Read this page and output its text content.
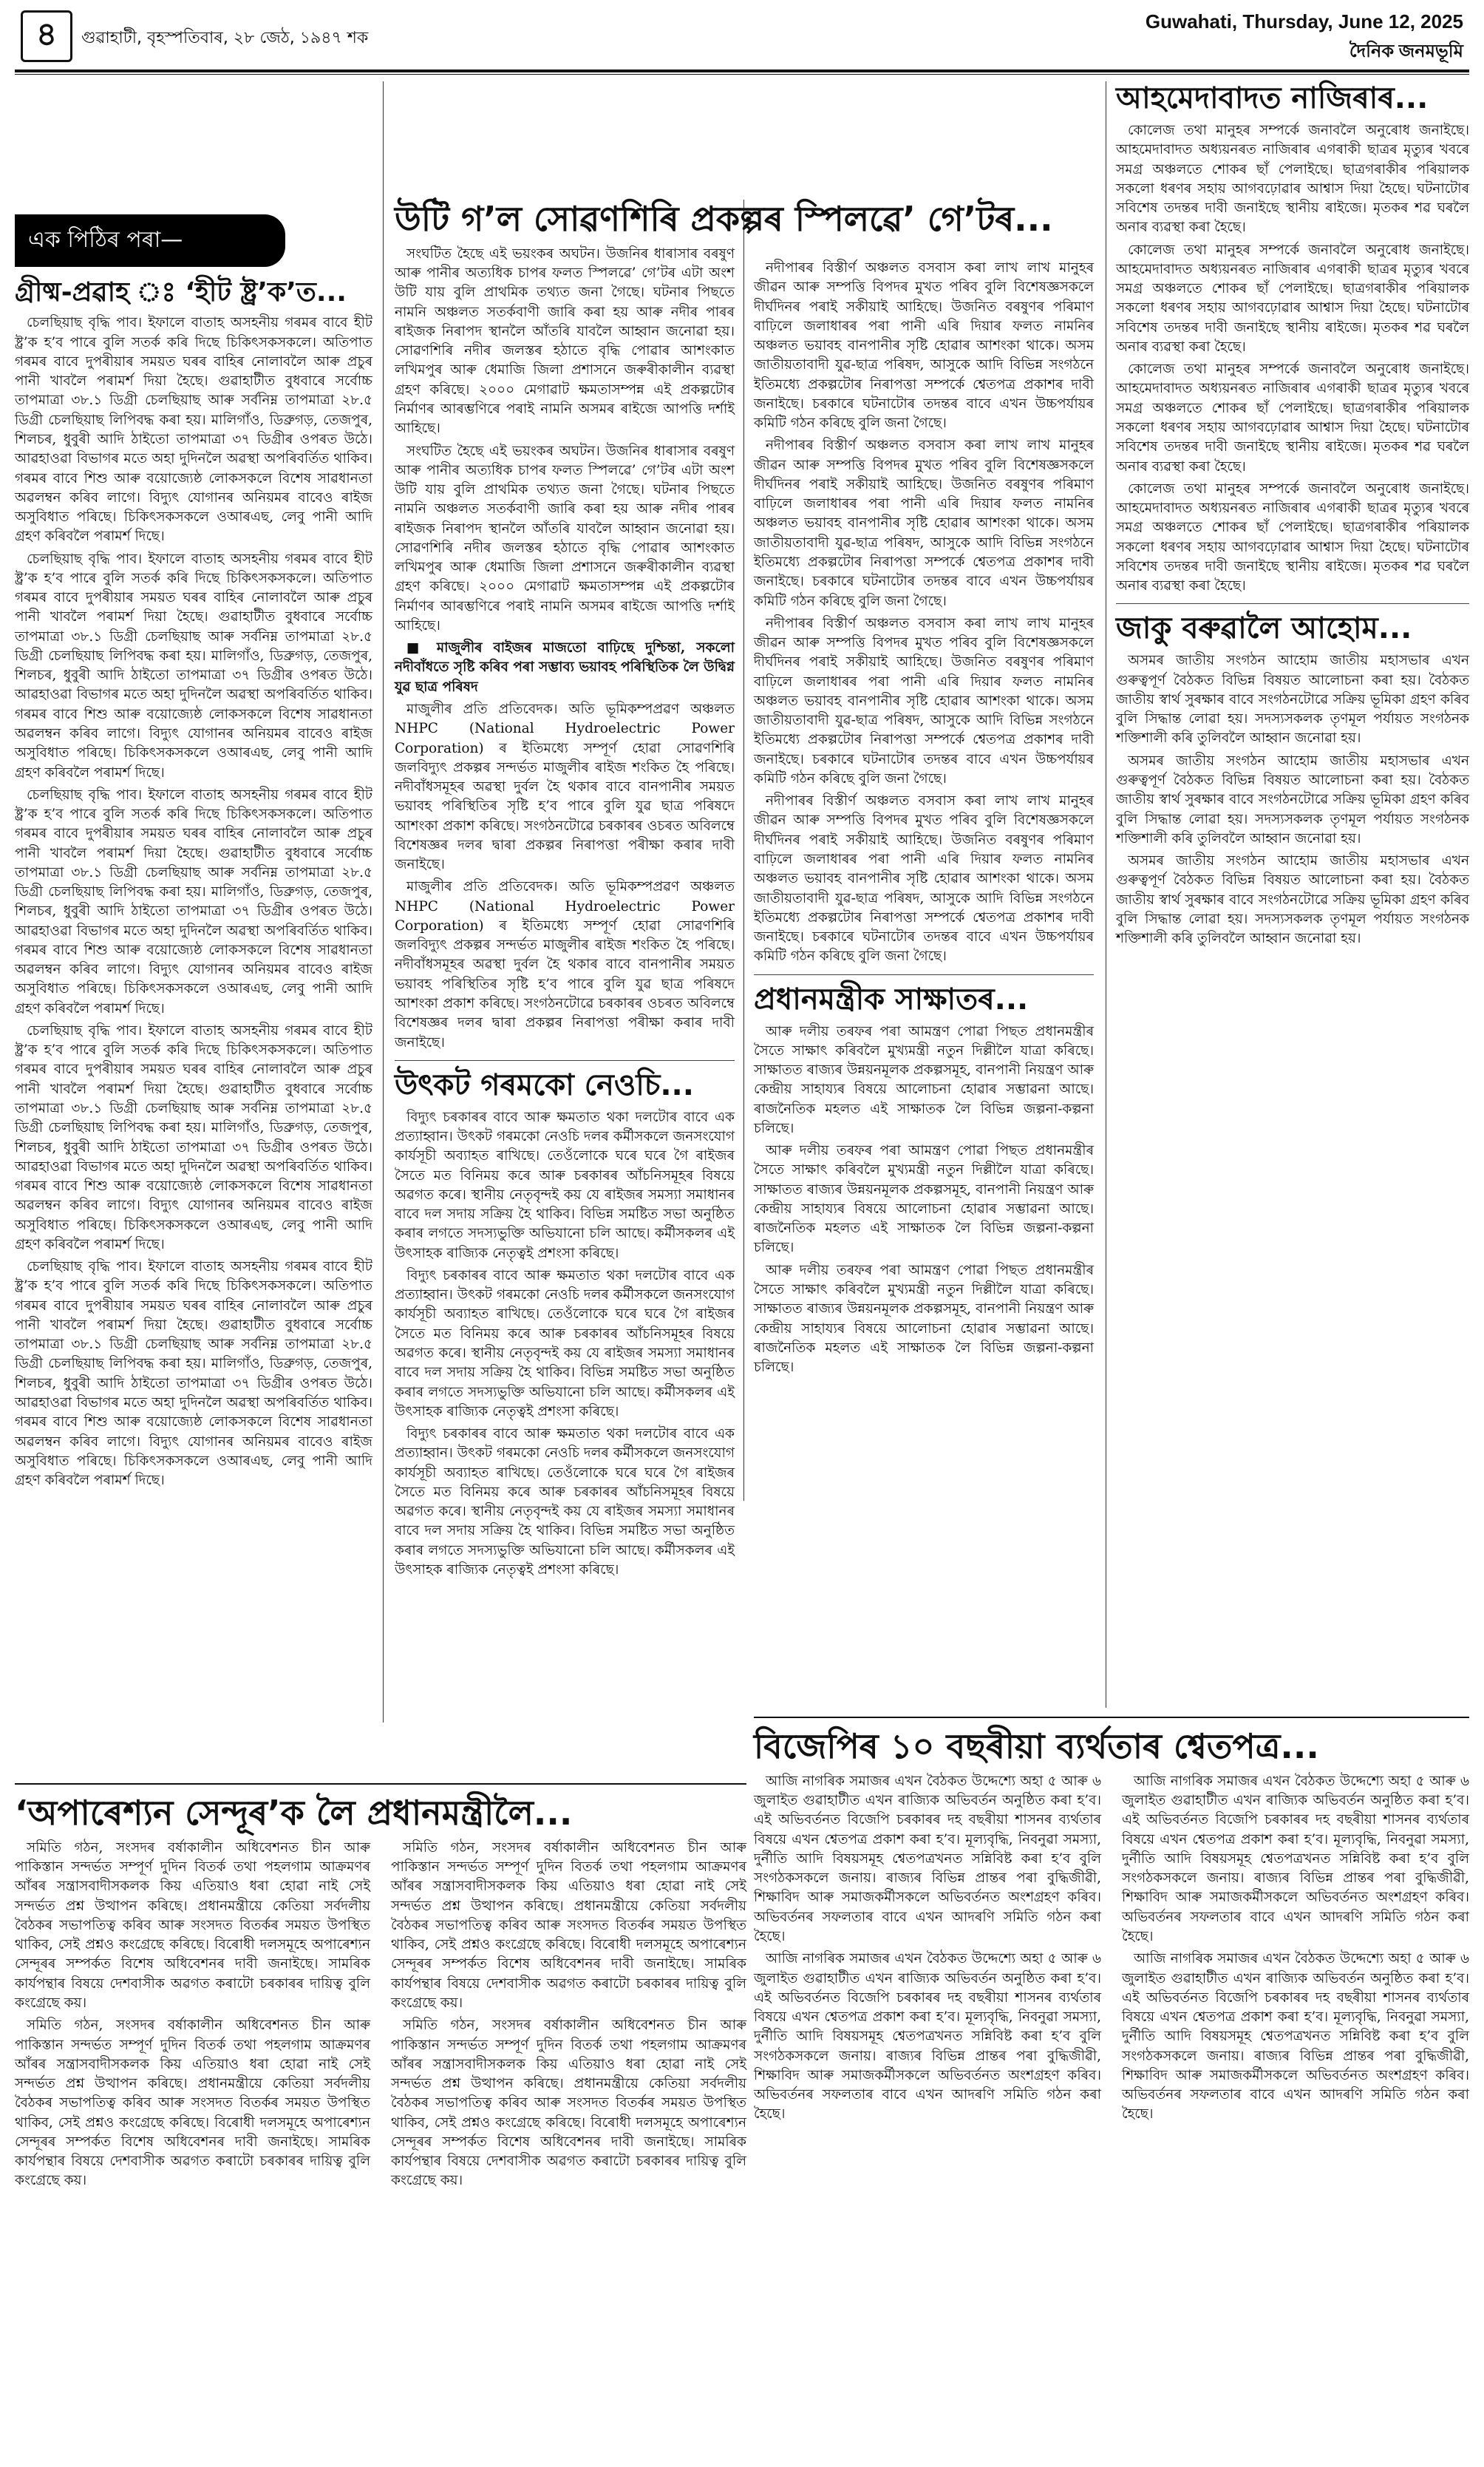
৪	গুৱাহাটী, বৃহস্পতিবাৰ, ২৮ জেঠ, ১৯৪৭ শক
Guwahati, Thursday, June 12, 2025
দৈনিক জনমভূমি
এক পিঠিৰ পৰা—
গ্ৰীষ্ম-প্ৰৱাহ ঃ ‘হীট ষ্ট্ৰ’ক’ত...

চেলছিয়াছ বৃদ্ধি পাব। ইফালে বাতাহ অসহনীয় গৰমৰ বাবে হীট ষ্ট্ৰ’ক হ’ব পাৰে বুলি সতৰ্ক কৰি দিছে চিকিৎসকসকলে। অতিপাত গৰমৰ বাবে দুপৰীয়াৰ সময়ত ঘৰৰ বাহিৰ নোলাবলৈ আৰু প্ৰচুৰ পানী খাবলৈ পৰামৰ্শ দিয়া হৈছে। গুৱাহাটীত বুধবাৰে সৰ্বোচ্চ তাপমাত্ৰা ৩৮.১ ডিগ্ৰী চেলছিয়াছ আৰু সৰ্বনিম্ন তাপমাত্ৰা ২৮.৫ ডিগ্ৰী চেলছিয়াছ লিপিবদ্ধ কৰা হয়। মালিগাঁও, ডিব্ৰুগড়, তেজপুৰ, শিলচৰ, ধুবুৰী আদি ঠাইতো তাপমাত্ৰা ৩৭ ডিগ্ৰীৰ ওপৰত উঠে। আৱহাওৱা বিভাগৰ মতে অহা দুদিনলৈ অৱস্থা অপৰিবৰ্তিত থাকিব। গৰমৰ বাবে শিশু আৰু বয়োজ্যেষ্ঠ লোকসকলে বিশেষ সাৱধানতা অৱলম্বন কৰিব লাগে। বিদ্যুৎ যোগানৰ অনিয়মৰ বাবেও ৰাইজ অসুবিধাত পৰিছে। চিকিৎসকসকলে ওআৰএছ, লেবু পানী আদি গ্ৰহণ কৰিবলৈ পৰামৰ্শ দিছে।

চেলছিয়াছ বৃদ্ধি পাব। ইফালে বাতাহ অসহনীয় গৰমৰ বাবে হীট ষ্ট্ৰ’ক হ’ব পাৰে বুলি সতৰ্ক কৰি দিছে চিকিৎসকসকলে। অতিপাত গৰমৰ বাবে দুপৰীয়াৰ সময়ত ঘৰৰ বাহিৰ নোলাবলৈ আৰু প্ৰচুৰ পানী খাবলৈ পৰামৰ্শ দিয়া হৈছে। গুৱাহাটীত বুধবাৰে সৰ্বোচ্চ তাপমাত্ৰা ৩৮.১ ডিগ্ৰী চেলছিয়াছ আৰু সৰ্বনিম্ন তাপমাত্ৰা ২৮.৫ ডিগ্ৰী চেলছিয়াছ লিপিবদ্ধ কৰা হয়। মালিগাঁও, ডিব্ৰুগড়, তেজপুৰ, শিলচৰ, ধুবুৰী আদি ঠাইতো তাপমাত্ৰা ৩৭ ডিগ্ৰীৰ ওপৰত উঠে। আৱহাওৱা বিভাগৰ মতে অহা দুদিনলৈ অৱস্থা অপৰিবৰ্তিত থাকিব। গৰমৰ বাবে শিশু আৰু বয়োজ্যেষ্ঠ লোকসকলে বিশেষ সাৱধানতা অৱলম্বন কৰিব লাগে। বিদ্যুৎ যোগানৰ অনিয়মৰ বাবেও ৰাইজ অসুবিধাত পৰিছে। চিকিৎসকসকলে ওআৰএছ, লেবু পানী আদি গ্ৰহণ কৰিবলৈ পৰামৰ্শ দিছে।

চেলছিয়াছ বৃদ্ধি পাব। ইফালে বাতাহ অসহনীয় গৰমৰ বাবে হীট ষ্ট্ৰ’ক হ’ব পাৰে বুলি সতৰ্ক কৰি দিছে চিকিৎসকসকলে। অতিপাত গৰমৰ বাবে দুপৰীয়াৰ সময়ত ঘৰৰ বাহিৰ নোলাবলৈ আৰু প্ৰচুৰ পানী খাবলৈ পৰামৰ্শ দিয়া হৈছে। গুৱাহাটীত বুধবাৰে সৰ্বোচ্চ তাপমাত্ৰা ৩৮.১ ডিগ্ৰী চেলছিয়াছ আৰু সৰ্বনিম্ন তাপমাত্ৰা ২৮.৫ ডিগ্ৰী চেলছিয়াছ লিপিবদ্ধ কৰা হয়। মালিগাঁও, ডিব্ৰুগড়, তেজপুৰ, শিলচৰ, ধুবুৰী আদি ঠাইতো তাপমাত্ৰা ৩৭ ডিগ্ৰীৰ ওপৰত উঠে। আৱহাওৱা বিভাগৰ মতে অহা দুদিনলৈ অৱস্থা অপৰিবৰ্তিত থাকিব। গৰমৰ বাবে শিশু আৰু বয়োজ্যেষ্ঠ লোকসকলে বিশেষ সাৱধানতা অৱলম্বন কৰিব লাগে। বিদ্যুৎ যোগানৰ অনিয়মৰ বাবেও ৰাইজ অসুবিধাত পৰিছে। চিকিৎসকসকলে ওআৰএছ, লেবু পানী আদি গ্ৰহণ কৰিবলৈ পৰামৰ্শ দিছে।

চেলছিয়াছ বৃদ্ধি পাব। ইফালে বাতাহ অসহনীয় গৰমৰ বাবে হীট ষ্ট্ৰ’ক হ’ব পাৰে বুলি সতৰ্ক কৰি দিছে চিকিৎসকসকলে। অতিপাত গৰমৰ বাবে দুপৰীয়াৰ সময়ত ঘৰৰ বাহিৰ নোলাবলৈ আৰু প্ৰচুৰ পানী খাবলৈ পৰামৰ্শ দিয়া হৈছে। গুৱাহাটীত বুধবাৰে সৰ্বোচ্চ তাপমাত্ৰা ৩৮.১ ডিগ্ৰী চেলছিয়াছ আৰু সৰ্বনিম্ন তাপমাত্ৰা ২৮.৫ ডিগ্ৰী চেলছিয়াছ লিপিবদ্ধ কৰা হয়। মালিগাঁও, ডিব্ৰুগড়, তেজপুৰ, শিলচৰ, ধুবুৰী আদি ঠাইতো তাপমাত্ৰা ৩৭ ডিগ্ৰীৰ ওপৰত উঠে। আৱহাওৱা বিভাগৰ মতে অহা দুদিনলৈ অৱস্থা অপৰিবৰ্তিত থাকিব। গৰমৰ বাবে শিশু আৰু বয়োজ্যেষ্ঠ লোকসকলে বিশেষ সাৱধানতা অৱলম্বন কৰিব লাগে। বিদ্যুৎ যোগানৰ অনিয়মৰ বাবেও ৰাইজ অসুবিধাত পৰিছে। চিকিৎসকসকলে ওআৰএছ, লেবু পানী আদি গ্ৰহণ কৰিবলৈ পৰামৰ্শ দিছে।

চেলছিয়াছ বৃদ্ধি পাব। ইফালে বাতাহ অসহনীয় গৰমৰ বাবে হীট ষ্ট্ৰ’ক হ’ব পাৰে বুলি সতৰ্ক কৰি দিছে চিকিৎসকসকলে। অতিপাত গৰমৰ বাবে দুপৰীয়াৰ সময়ত ঘৰৰ বাহিৰ নোলাবলৈ আৰু প্ৰচুৰ পানী খাবলৈ পৰামৰ্শ দিয়া হৈছে। গুৱাহাটীত বুধবাৰে সৰ্বোচ্চ তাপমাত্ৰা ৩৮.১ ডিগ্ৰী চেলছিয়াছ আৰু সৰ্বনিম্ন তাপমাত্ৰা ২৮.৫ ডিগ্ৰী চেলছিয়াছ লিপিবদ্ধ কৰা হয়। মালিগাঁও, ডিব্ৰুগড়, তেজপুৰ, শিলচৰ, ধুবুৰী আদি ঠাইতো তাপমাত্ৰা ৩৭ ডিগ্ৰীৰ ওপৰত উঠে। আৱহাওৱা বিভাগৰ মতে অহা দুদিনলৈ অৱস্থা অপৰিবৰ্তিত থাকিব। গৰমৰ বাবে শিশু আৰু বয়োজ্যেষ্ঠ লোকসকলে বিশেষ সাৱধানতা অৱলম্বন কৰিব লাগে। বিদ্যুৎ যোগানৰ অনিয়মৰ বাবেও ৰাইজ অসুবিধাত পৰিছে। চিকিৎসকসকলে ওআৰএছ, লেবু পানী আদি গ্ৰহণ কৰিবলৈ পৰামৰ্শ দিছে।

‘অপাৰেশ্যন সেন্দূৰ’ক লৈ প্ৰধানমন্ত্ৰীলৈ...

সমিতি গঠন, সংসদৰ বৰ্ষাকালীন অধিবেশনত চীন আৰু পাকিস্তান সন্দৰ্ভত সম্পূৰ্ণ দুদিন বিতৰ্ক তথা পহলগাম আক্ৰমণৰ আঁৰৰ সন্ত্ৰাসবাদীসকলক কিয় এতিয়াও ধৰা হোৱা নাই সেই সন্দৰ্ভত প্ৰশ্ন উত্থাপন কৰিছে। প্ৰধানমন্ত্ৰীয়ে কেতিয়া সৰ্বদলীয় বৈঠকৰ সভাপতিত্ব কৰিব আৰু সংসদত বিতৰ্কৰ সময়ত উপস্থিত থাকিব, সেই প্ৰশ্নও কংগ্ৰেছে কৰিছে। বিৰোধী দলসমূহে অপাৰেশ্যন সেন্দূৰৰ সম্পৰ্কত বিশেষ অধিবেশনৰ দাবী জনাইছে। সামৰিক কাৰ্যপন্থাৰ বিষয়ে দেশবাসীক অৱগত কৰাটো চৰকাৰৰ দায়িত্ব বুলি কংগ্ৰেছে কয়।

সমিতি গঠন, সংসদৰ বৰ্ষাকালীন অধিবেশনত চীন আৰু পাকিস্তান সন্দৰ্ভত সম্পূৰ্ণ দুদিন বিতৰ্ক তথা পহলগাম আক্ৰমণৰ আঁৰৰ সন্ত্ৰাসবাদীসকলক কিয় এতিয়াও ধৰা হোৱা নাই সেই সন্দৰ্ভত প্ৰশ্ন উত্থাপন কৰিছে। প্ৰধানমন্ত্ৰীয়ে কেতিয়া সৰ্বদলীয় বৈঠকৰ সভাপতিত্ব কৰিব আৰু সংসদত বিতৰ্কৰ সময়ত উপস্থিত থাকিব, সেই প্ৰশ্নও কংগ্ৰেছে কৰিছে। বিৰোধী দলসমূহে অপাৰেশ্যন সেন্দূৰৰ সম্পৰ্কত বিশেষ অধিবেশনৰ দাবী জনাইছে। সামৰিক কাৰ্যপন্থাৰ বিষয়ে দেশবাসীক অৱগত কৰাটো চৰকাৰৰ দায়িত্ব বুলি কংগ্ৰেছে কয়।

সমিতি গঠন, সংসদৰ বৰ্ষাকালীন অধিবেশনত চীন আৰু পাকিস্তান সন্দৰ্ভত সম্পূৰ্ণ দুদিন বিতৰ্ক তথা পহলগাম আক্ৰমণৰ আঁৰৰ সন্ত্ৰাসবাদীসকলক কিয় এতিয়াও ধৰা হোৱা নাই সেই সন্দৰ্ভত প্ৰশ্ন উত্থাপন কৰিছে। প্ৰধানমন্ত্ৰীয়ে কেতিয়া সৰ্বদলীয় বৈঠকৰ সভাপতিত্ব কৰিব আৰু সংসদত বিতৰ্কৰ সময়ত উপস্থিত থাকিব, সেই প্ৰশ্নও কংগ্ৰেছে কৰিছে। বিৰোধী দলসমূহে অপাৰেশ্যন সেন্দূৰৰ সম্পৰ্কত বিশেষ অধিবেশনৰ দাবী জনাইছে। সামৰিক কাৰ্যপন্থাৰ বিষয়ে দেশবাসীক অৱগত কৰাটো চৰকাৰৰ দায়িত্ব বুলি কংগ্ৰেছে কয়।

সমিতি গঠন, সংসদৰ বৰ্ষাকালীন অধিবেশনত চীন আৰু পাকিস্তান সন্দৰ্ভত সম্পূৰ্ণ দুদিন বিতৰ্ক তথা পহলগাম আক্ৰমণৰ আঁৰৰ সন্ত্ৰাসবাদীসকলক কিয় এতিয়াও ধৰা হোৱা নাই সেই সন্দৰ্ভত প্ৰশ্ন উত্থাপন কৰিছে। প্ৰধানমন্ত্ৰীয়ে কেতিয়া সৰ্বদলীয় বৈঠকৰ সভাপতিত্ব কৰিব আৰু সংসদত বিতৰ্কৰ সময়ত উপস্থিত থাকিব, সেই প্ৰশ্নও কংগ্ৰেছে কৰিছে। বিৰোধী দলসমূহে অপাৰেশ্যন সেন্দূৰৰ সম্পৰ্কত বিশেষ অধিবেশনৰ দাবী জনাইছে। সামৰিক কাৰ্যপন্থাৰ বিষয়ে দেশবাসীক অৱগত কৰাটো চৰকাৰৰ দায়িত্ব বুলি কংগ্ৰেছে কয়।

উটি গ’ল সোৱণশিৰি প্ৰকল্পৰ স্পিলৱে’ গে’টৰ...

সংঘটিত হৈছে এই ভয়ংকৰ অঘটন। উজনিৰ ধাৰাসাৰ বৰষুণ আৰু পানীৰ অত্যধিক চাপৰ ফলত স্পিলৱে’ গে’টৰ এটা অংশ উটি যায় বুলি প্ৰাথমিক তথ্যত জনা গৈছে। ঘটনাৰ পিছতে নামনি অঞ্চলত সতৰ্কবাণী জাৰি কৰা হয় আৰু নদীৰ পাৰৰ ৰাইজক নিৰাপদ স্থানলৈ আঁতৰি যাবলৈ আহ্বান জনোৱা হয়। সোৱণশিৰি নদীৰ জলস্তৰ হঠাতে বৃদ্ধি পোৱাৰ আশংকাত লখিমপুৰ আৰু ধেমাজি জিলা প্ৰশাসনে জৰুৰীকালীন ব্যৱস্থা গ্ৰহণ কৰিছে। ২০০০ মেগাৱাট ক্ষমতাসম্পন্ন এই প্ৰকল্পটোৰ নিৰ্মাণৰ আৰম্ভণিৰে পৰাই নামনি অসমৰ ৰাইজে আপত্তি দৰ্শাই আহিছে।

সংঘটিত হৈছে এই ভয়ংকৰ অঘটন। উজনিৰ ধাৰাসাৰ বৰষুণ আৰু পানীৰ অত্যধিক চাপৰ ফলত স্পিলৱে’ গে’টৰ এটা অংশ উটি যায় বুলি প্ৰাথমিক তথ্যত জনা গৈছে। ঘটনাৰ পিছতে নামনি অঞ্চলত সতৰ্কবাণী জাৰি কৰা হয় আৰু নদীৰ পাৰৰ ৰাইজক নিৰাপদ স্থানলৈ আঁতৰি যাবলৈ আহ্বান জনোৱা হয়। সোৱণশিৰি নদীৰ জলস্তৰ হঠাতে বৃদ্ধি পোৱাৰ আশংকাত লখিমপুৰ আৰু ধেমাজি জিলা প্ৰশাসনে জৰুৰীকালীন ব্যৱস্থা গ্ৰহণ কৰিছে। ২০০০ মেগাৱাট ক্ষমতাসম্পন্ন এই প্ৰকল্পটোৰ নিৰ্মাণৰ আৰম্ভণিৰে পৰাই নামনি অসমৰ ৰাইজে আপত্তি দৰ্শাই আহিছে।

■ মাজুলীৰ বাইজৰ মাজতো বাঢ়িছে দুশ্চিন্তা, সকলো নদীবাঁধতে সৃষ্টি কৰিব পৰা সম্ভাব্য ভয়াবহ পৰিস্থিতিক লৈ উদ্বিগ্ন যুৱ ছাত্ৰ পৰিষদ

মাজুলীৰ প্ৰতি প্ৰতিবেদক। অতি ভূমিকম্পপ্ৰৱণ অঞ্চলত NHPC (National Hydroelectric Power Corporation) ৰ ইতিমধ্যে সম্পূৰ্ণ হোৱা সোৱণশিৰি জলবিদ্যুৎ প্ৰকল্পৰ সন্দৰ্ভত মাজুলীৰ ৰাইজ শংকিত হৈ পৰিছে। নদীবাঁধসমূহৰ অৱস্থা দুৰ্বল হৈ থকাৰ বাবে বানপানীৰ সময়ত ভয়াবহ পৰিস্থিতিৰ সৃষ্টি হ’ব পাৰে বুলি যুৱ ছাত্ৰ পৰিষদে আশংকা প্ৰকাশ কৰিছে। সংগঠনটোৱে চৰকাৰৰ ওচৰত অবিলম্বে বিশেষজ্ঞৰ দলৰ দ্বাৰা প্ৰকল্পৰ নিৰাপত্তা পৰীক্ষা কৰাৰ দাবী জনাইছে।

মাজুলীৰ প্ৰতি প্ৰতিবেদক। অতি ভূমিকম্পপ্ৰৱণ অঞ্চলত NHPC (National Hydroelectric Power Corporation) ৰ ইতিমধ্যে সম্পূৰ্ণ হোৱা সোৱণশিৰি জলবিদ্যুৎ প্ৰকল্পৰ সন্দৰ্ভত মাজুলীৰ ৰাইজ শংকিত হৈ পৰিছে। নদীবাঁধসমূহৰ অৱস্থা দুৰ্বল হৈ থকাৰ বাবে বানপানীৰ সময়ত ভয়াবহ পৰিস্থিতিৰ সৃষ্টি হ’ব পাৰে বুলি যুৱ ছাত্ৰ পৰিষদে আশংকা প্ৰকাশ কৰিছে। সংগঠনটোৱে চৰকাৰৰ ওচৰত অবিলম্বে বিশেষজ্ঞৰ দলৰ দ্বাৰা প্ৰকল্পৰ নিৰাপত্তা পৰীক্ষা কৰাৰ দাবী জনাইছে।

উৎকট গৰমকো নেওচি...

বিদ্যুৎ চৰকাৰৰ বাবে আৰু ক্ষমতাত থকা দলটোৰ বাবে এক প্ৰত্যাহ্বান। উৎকট গৰমকো নেওচি দলৰ কৰ্মীসকলে জনসংযোগ কাৰ্যসূচী অব্যাহত ৰাখিছে। তেওঁলোকে ঘৰে ঘৰে গৈ ৰাইজৰ সৈতে মত বিনিময় কৰে আৰু চৰকাৰৰ আঁচনিসমূহৰ বিষয়ে অৱগত কৰে। স্থানীয় নেতৃবৃন্দই কয় যে ৰাইজৰ সমস্যা সমাধানৰ বাবে দল সদায় সক্ৰিয় হৈ থাকিব। বিভিন্ন সমষ্টিত সভা অনুষ্ঠিত কৰাৰ লগতে সদস্যভুক্তি অভিযানো চলি আছে। কৰ্মীসকলৰ এই উৎসাহক ৰাজ্যিক নেতৃত্বই প্ৰশংসা কৰিছে।

বিদ্যুৎ চৰকাৰৰ বাবে আৰু ক্ষমতাত থকা দলটোৰ বাবে এক প্ৰত্যাহ্বান। উৎকট গৰমকো নেওচি দলৰ কৰ্মীসকলে জনসংযোগ কাৰ্যসূচী অব্যাহত ৰাখিছে। তেওঁলোকে ঘৰে ঘৰে গৈ ৰাইজৰ সৈতে মত বিনিময় কৰে আৰু চৰকাৰৰ আঁচনিসমূহৰ বিষয়ে অৱগত কৰে। স্থানীয় নেতৃবৃন্দই কয় যে ৰাইজৰ সমস্যা সমাধানৰ বাবে দল সদায় সক্ৰিয় হৈ থাকিব। বিভিন্ন সমষ্টিত সভা অনুষ্ঠিত কৰাৰ লগতে সদস্যভুক্তি অভিযানো চলি আছে। কৰ্মীসকলৰ এই উৎসাহক ৰাজ্যিক নেতৃত্বই প্ৰশংসা কৰিছে।

বিদ্যুৎ চৰকাৰৰ বাবে আৰু ক্ষমতাত থকা দলটোৰ বাবে এক প্ৰত্যাহ্বান। উৎকট গৰমকো নেওচি দলৰ কৰ্মীসকলে জনসংযোগ কাৰ্যসূচী অব্যাহত ৰাখিছে। তেওঁলোকে ঘৰে ঘৰে গৈ ৰাইজৰ সৈতে মত বিনিময় কৰে আৰু চৰকাৰৰ আঁচনিসমূহৰ বিষয়ে অৱগত কৰে। স্থানীয় নেতৃবৃন্দই কয় যে ৰাইজৰ সমস্যা সমাধানৰ বাবে দল সদায় সক্ৰিয় হৈ থাকিব। বিভিন্ন সমষ্টিত সভা অনুষ্ঠিত কৰাৰ লগতে সদস্যভুক্তি অভিযানো চলি আছে। কৰ্মীসকলৰ এই উৎসাহক ৰাজ্যিক নেতৃত্বই প্ৰশংসা কৰিছে।

নদীপাৰৰ বিস্তীৰ্ণ অঞ্চলত বসবাস কৰা লাখ লাখ মানুহৰ জীৱন আৰু সম্পত্তি বিপদৰ মুখত পৰিব বুলি বিশেষজ্ঞসকলে দীৰ্ঘদিনৰ পৰাই সকীয়াই আহিছে। উজনিত বৰষুণৰ পৰিমাণ বাঢ়িলে জলাধাৰৰ পৰা পানী এৰি দিয়াৰ ফলত নামনিৰ অঞ্চলত ভয়াবহ বানপানীৰ সৃষ্টি হোৱাৰ আশংকা থাকে। অসম জাতীয়তাবাদী যুৱ-ছাত্ৰ পৰিষদ, আসুকে আদি বিভিন্ন সংগঠনে ইতিমধ্যে প্ৰকল্পটোৰ নিৰাপত্তা সম্পৰ্কে শ্বেতপত্ৰ প্ৰকাশৰ দাবী জনাইছে। চৰকাৰে ঘটনাটোৰ তদন্তৰ বাবে এখন উচ্চপৰ্যায়ৰ কমিটি গঠন কৰিছে বুলি জনা গৈছে।

নদীপাৰৰ বিস্তীৰ্ণ অঞ্চলত বসবাস কৰা লাখ লাখ মানুহৰ জীৱন আৰু সম্পত্তি বিপদৰ মুখত পৰিব বুলি বিশেষজ্ঞসকলে দীৰ্ঘদিনৰ পৰাই সকীয়াই আহিছে। উজনিত বৰষুণৰ পৰিমাণ বাঢ়িলে জলাধাৰৰ পৰা পানী এৰি দিয়াৰ ফলত নামনিৰ অঞ্চলত ভয়াবহ বানপানীৰ সৃষ্টি হোৱাৰ আশংকা থাকে। অসম জাতীয়তাবাদী যুৱ-ছাত্ৰ পৰিষদ, আসুকে আদি বিভিন্ন সংগঠনে ইতিমধ্যে প্ৰকল্পটোৰ নিৰাপত্তা সম্পৰ্কে শ্বেতপত্ৰ প্ৰকাশৰ দাবী জনাইছে। চৰকাৰে ঘটনাটোৰ তদন্তৰ বাবে এখন উচ্চপৰ্যায়ৰ কমিটি গঠন কৰিছে বুলি জনা গৈছে।

নদীপাৰৰ বিস্তীৰ্ণ অঞ্চলত বসবাস কৰা লাখ লাখ মানুহৰ জীৱন আৰু সম্পত্তি বিপদৰ মুখত পৰিব বুলি বিশেষজ্ঞসকলে দীৰ্ঘদিনৰ পৰাই সকীয়াই আহিছে। উজনিত বৰষুণৰ পৰিমাণ বাঢ়িলে জলাধাৰৰ পৰা পানী এৰি দিয়াৰ ফলত নামনিৰ অঞ্চলত ভয়াবহ বানপানীৰ সৃষ্টি হোৱাৰ আশংকা থাকে। অসম জাতীয়তাবাদী যুৱ-ছাত্ৰ পৰিষদ, আসুকে আদি বিভিন্ন সংগঠনে ইতিমধ্যে প্ৰকল্পটোৰ নিৰাপত্তা সম্পৰ্কে শ্বেতপত্ৰ প্ৰকাশৰ দাবী জনাইছে। চৰকাৰে ঘটনাটোৰ তদন্তৰ বাবে এখন উচ্চপৰ্যায়ৰ কমিটি গঠন কৰিছে বুলি জনা গৈছে।

নদীপাৰৰ বিস্তীৰ্ণ অঞ্চলত বসবাস কৰা লাখ লাখ মানুহৰ জীৱন আৰু সম্পত্তি বিপদৰ মুখত পৰিব বুলি বিশেষজ্ঞসকলে দীৰ্ঘদিনৰ পৰাই সকীয়াই আহিছে। উজনিত বৰষুণৰ পৰিমাণ বাঢ়িলে জলাধাৰৰ পৰা পানী এৰি দিয়াৰ ফলত নামনিৰ অঞ্চলত ভয়াবহ বানপানীৰ সৃষ্টি হোৱাৰ আশংকা থাকে। অসম জাতীয়তাবাদী যুৱ-ছাত্ৰ পৰিষদ, আসুকে আদি বিভিন্ন সংগঠনে ইতিমধ্যে প্ৰকল্পটোৰ নিৰাপত্তা সম্পৰ্কে শ্বেতপত্ৰ প্ৰকাশৰ দাবী জনাইছে। চৰকাৰে ঘটনাটোৰ তদন্তৰ বাবে এখন উচ্চপৰ্যায়ৰ কমিটি গঠন কৰিছে বুলি জনা গৈছে।

প্ৰধানমন্ত্ৰীক সাক্ষাতৰ...

আৰু দলীয় তৰফৰ পৰা আমন্ত্ৰণ পোৱা পিছত প্ৰধানমন্ত্ৰীৰ সৈতে সাক্ষাৎ কৰিবলৈ মুখ্যমন্ত্ৰী নতুন দিল্লীলৈ যাত্ৰা কৰিছে। সাক্ষাতত ৰাজ্যৰ উন্নয়নমূলক প্ৰকল্পসমূহ, বানপানী নিয়ন্ত্ৰণ আৰু কেন্দ্ৰীয় সাহায্যৰ বিষয়ে আলোচনা হোৱাৰ সম্ভাৱনা আছে। ৰাজনৈতিক মহলত এই সাক্ষাতক লৈ বিভিন্ন জল্পনা-কল্পনা চলিছে।

আৰু দলীয় তৰফৰ পৰা আমন্ত্ৰণ পোৱা পিছত প্ৰধানমন্ত্ৰীৰ সৈতে সাক্ষাৎ কৰিবলৈ মুখ্যমন্ত্ৰী নতুন দিল্লীলৈ যাত্ৰা কৰিছে। সাক্ষাতত ৰাজ্যৰ উন্নয়নমূলক প্ৰকল্পসমূহ, বানপানী নিয়ন্ত্ৰণ আৰু কেন্দ্ৰীয় সাহায্যৰ বিষয়ে আলোচনা হোৱাৰ সম্ভাৱনা আছে। ৰাজনৈতিক মহলত এই সাক্ষাতক লৈ বিভিন্ন জল্পনা-কল্পনা চলিছে।

আৰু দলীয় তৰফৰ পৰা আমন্ত্ৰণ পোৱা পিছত প্ৰধানমন্ত্ৰীৰ সৈতে সাক্ষাৎ কৰিবলৈ মুখ্যমন্ত্ৰী নতুন দিল্লীলৈ যাত্ৰা কৰিছে। সাক্ষাতত ৰাজ্যৰ উন্নয়নমূলক প্ৰকল্পসমূহ, বানপানী নিয়ন্ত্ৰণ আৰু কেন্দ্ৰীয় সাহায্যৰ বিষয়ে আলোচনা হোৱাৰ সম্ভাৱনা আছে। ৰাজনৈতিক মহলত এই সাক্ষাতক লৈ বিভিন্ন জল্পনা-কল্পনা চলিছে।

আহমেদাবাদত নাজিৰাৰ...

কোলেজ তথা মানুহৰ সম্পৰ্কে জনাবলৈ অনুৰোধ জনাইছে। আহমেদাবাদত অধ্যয়নৰত নাজিৰাৰ এগৰাকী ছাত্ৰৰ মৃত্যুৰ খবৰে সমগ্ৰ অঞ্চলতে শোকৰ ছাঁ পেলাইছে। ছাত্ৰগৰাকীৰ পৰিয়ালক সকলো ধৰণৰ সহায় আগবঢ়োৱাৰ আশ্বাস দিয়া হৈছে। ঘটনাটোৰ সবিশেষ তদন্তৰ দাবী জনাইছে স্থানীয় ৰাইজে। মৃতকৰ শৱ ঘৰলৈ অনাৰ ব্যৱস্থা কৰা হৈছে।

কোলেজ তথা মানুহৰ সম্পৰ্কে জনাবলৈ অনুৰোধ জনাইছে। আহমেদাবাদত অধ্যয়নৰত নাজিৰাৰ এগৰাকী ছাত্ৰৰ মৃত্যুৰ খবৰে সমগ্ৰ অঞ্চলতে শোকৰ ছাঁ পেলাইছে। ছাত্ৰগৰাকীৰ পৰিয়ালক সকলো ধৰণৰ সহায় আগবঢ়োৱাৰ আশ্বাস দিয়া হৈছে। ঘটনাটোৰ সবিশেষ তদন্তৰ দাবী জনাইছে স্থানীয় ৰাইজে। মৃতকৰ শৱ ঘৰলৈ অনাৰ ব্যৱস্থা কৰা হৈছে।

কোলেজ তথা মানুহৰ সম্পৰ্কে জনাবলৈ অনুৰোধ জনাইছে। আহমেদাবাদত অধ্যয়নৰত নাজিৰাৰ এগৰাকী ছাত্ৰৰ মৃত্যুৰ খবৰে সমগ্ৰ অঞ্চলতে শোকৰ ছাঁ পেলাইছে। ছাত্ৰগৰাকীৰ পৰিয়ালক সকলো ধৰণৰ সহায় আগবঢ়োৱাৰ আশ্বাস দিয়া হৈছে। ঘটনাটোৰ সবিশেষ তদন্তৰ দাবী জনাইছে স্থানীয় ৰাইজে। মৃতকৰ শৱ ঘৰলৈ অনাৰ ব্যৱস্থা কৰা হৈছে।

কোলেজ তথা মানুহৰ সম্পৰ্কে জনাবলৈ অনুৰোধ জনাইছে। আহমেদাবাদত অধ্যয়নৰত নাজিৰাৰ এগৰাকী ছাত্ৰৰ মৃত্যুৰ খবৰে সমগ্ৰ অঞ্চলতে শোকৰ ছাঁ পেলাইছে। ছাত্ৰগৰাকীৰ পৰিয়ালক সকলো ধৰণৰ সহায় আগবঢ়োৱাৰ আশ্বাস দিয়া হৈছে। ঘটনাটোৰ সবিশেষ তদন্তৰ দাবী জনাইছে স্থানীয় ৰাইজে। মৃতকৰ শৱ ঘৰলৈ অনাৰ ব্যৱস্থা কৰা হৈছে।

জাকু বৰুৱালৈ আহোম...

অসমৰ জাতীয় সংগঠন আহোম জাতীয় মহাসভাৰ এখন গুৰুত্বপূৰ্ণ বৈঠকত বিভিন্ন বিষয়ত আলোচনা কৰা হয়। বৈঠকত জাতীয় স্বাৰ্থ সুৰক্ষাৰ বাবে সংগঠনটোৱে সক্ৰিয় ভূমিকা গ্ৰহণ কৰিব বুলি সিদ্ধান্ত লোৱা হয়। সদস্যসকলক তৃণমূল পৰ্যায়ত সংগঠনক শক্তিশালী কৰি তুলিবলৈ আহ্বান জনোৱা হয়।

অসমৰ জাতীয় সংগঠন আহোম জাতীয় মহাসভাৰ এখন গুৰুত্বপূৰ্ণ বৈঠকত বিভিন্ন বিষয়ত আলোচনা কৰা হয়। বৈঠকত জাতীয় স্বাৰ্থ সুৰক্ষাৰ বাবে সংগঠনটোৱে সক্ৰিয় ভূমিকা গ্ৰহণ কৰিব বুলি সিদ্ধান্ত লোৱা হয়। সদস্যসকলক তৃণমূল পৰ্যায়ত সংগঠনক শক্তিশালী কৰি তুলিবলৈ আহ্বান জনোৱা হয়।

অসমৰ জাতীয় সংগঠন আহোম জাতীয় মহাসভাৰ এখন গুৰুত্বপূৰ্ণ বৈঠকত বিভিন্ন বিষয়ত আলোচনা কৰা হয়। বৈঠকত জাতীয় স্বাৰ্থ সুৰক্ষাৰ বাবে সংগঠনটোৱে সক্ৰিয় ভূমিকা গ্ৰহণ কৰিব বুলি সিদ্ধান্ত লোৱা হয়। সদস্যসকলক তৃণমূল পৰ্যায়ত সংগঠনক শক্তিশালী কৰি তুলিবলৈ আহ্বান জনোৱা হয়।

বিজেপিৰ ১০ বছৰীয়া ব্যৰ্থতাৰ শ্বেতপত্ৰ...

আজি নাগৰিক সমাজৰ এখন বৈঠকত উদ্দেশ্যে অহা ৫ আৰু ৬ জুলাইত গুৱাহাটীত এখন ৰাজ্যিক অভিবৰ্তন অনুষ্ঠিত কৰা হ’ব। এই অভিবৰ্তনত বিজেপি চৰকাৰৰ দহ বছৰীয়া শাসনৰ ব্যৰ্থতাৰ বিষয়ে এখন শ্বেতপত্ৰ প্ৰকাশ কৰা হ’ব। মূল্যবৃদ্ধি, নিবনুৱা সমস্যা, দুৰ্নীতি আদি বিষয়সমূহ শ্বেতপত্ৰখনত সন্নিবিষ্ট কৰা হ’ব বুলি সংগঠকসকলে জনায়। ৰাজ্যৰ বিভিন্ন প্ৰান্তৰ পৰা বুদ্ধিজীৱী, শিক্ষাবিদ আৰু সমাজকৰ্মীসকলে অভিবৰ্তনত অংশগ্ৰহণ কৰিব। অভিবৰ্তনৰ সফলতাৰ বাবে এখন আদৰণি সমিতি গঠন কৰা হৈছে।

আজি নাগৰিক সমাজৰ এখন বৈঠকত উদ্দেশ্যে অহা ৫ আৰু ৬ জুলাইত গুৱাহাটীত এখন ৰাজ্যিক অভিবৰ্তন অনুষ্ঠিত কৰা হ’ব। এই অভিবৰ্তনত বিজেপি চৰকাৰৰ দহ বছৰীয়া শাসনৰ ব্যৰ্থতাৰ বিষয়ে এখন শ্বেতপত্ৰ প্ৰকাশ কৰা হ’ব। মূল্যবৃদ্ধি, নিবনুৱা সমস্যা, দুৰ্নীতি আদি বিষয়সমূহ শ্বেতপত্ৰখনত সন্নিবিষ্ট কৰা হ’ব বুলি সংগঠকসকলে জনায়। ৰাজ্যৰ বিভিন্ন প্ৰান্তৰ পৰা বুদ্ধিজীৱী, শিক্ষাবিদ আৰু সমাজকৰ্মীসকলে অভিবৰ্তনত অংশগ্ৰহণ কৰিব। অভিবৰ্তনৰ সফলতাৰ বাবে এখন আদৰণি সমিতি গঠন কৰা হৈছে।

আজি নাগৰিক সমাজৰ এখন বৈঠকত উদ্দেশ্যে অহা ৫ আৰু ৬ জুলাইত গুৱাহাটীত এখন ৰাজ্যিক অভিবৰ্তন অনুষ্ঠিত কৰা হ’ব। এই অভিবৰ্তনত বিজেপি চৰকাৰৰ দহ বছৰীয়া শাসনৰ ব্যৰ্থতাৰ বিষয়ে এখন শ্বেতপত্ৰ প্ৰকাশ কৰা হ’ব। মূল্যবৃদ্ধি, নিবনুৱা সমস্যা, দুৰ্নীতি আদি বিষয়সমূহ শ্বেতপত্ৰখনত সন্নিবিষ্ট কৰা হ’ব বুলি সংগঠকসকলে জনায়। ৰাজ্যৰ বিভিন্ন প্ৰান্তৰ পৰা বুদ্ধিজীৱী, শিক্ষাবিদ আৰু সমাজকৰ্মীসকলে অভিবৰ্তনত অংশগ্ৰহণ কৰিব। অভিবৰ্তনৰ সফলতাৰ বাবে এখন আদৰণি সমিতি গঠন কৰা হৈছে।

আজি নাগৰিক সমাজৰ এখন বৈঠকত উদ্দেশ্যে অহা ৫ আৰু ৬ জুলাইত গুৱাহাটীত এখন ৰাজ্যিক অভিবৰ্তন অনুষ্ঠিত কৰা হ’ব। এই অভিবৰ্তনত বিজেপি চৰকাৰৰ দহ বছৰীয়া শাসনৰ ব্যৰ্থতাৰ বিষয়ে এখন শ্বেতপত্ৰ প্ৰকাশ কৰা হ’ব। মূল্যবৃদ্ধি, নিবনুৱা সমস্যা, দুৰ্নীতি আদি বিষয়সমূহ শ্বেতপত্ৰখনত সন্নিবিষ্ট কৰা হ’ব বুলি সংগঠকসকলে জনায়। ৰাজ্যৰ বিভিন্ন প্ৰান্তৰ পৰা বুদ্ধিজীৱী, শিক্ষাবিদ আৰু সমাজকৰ্মীসকলে অভিবৰ্তনত অংশগ্ৰহণ কৰিব। অভিবৰ্তনৰ সফলতাৰ বাবে এখন আদৰণি সমিতি গঠন কৰা হৈছে।
